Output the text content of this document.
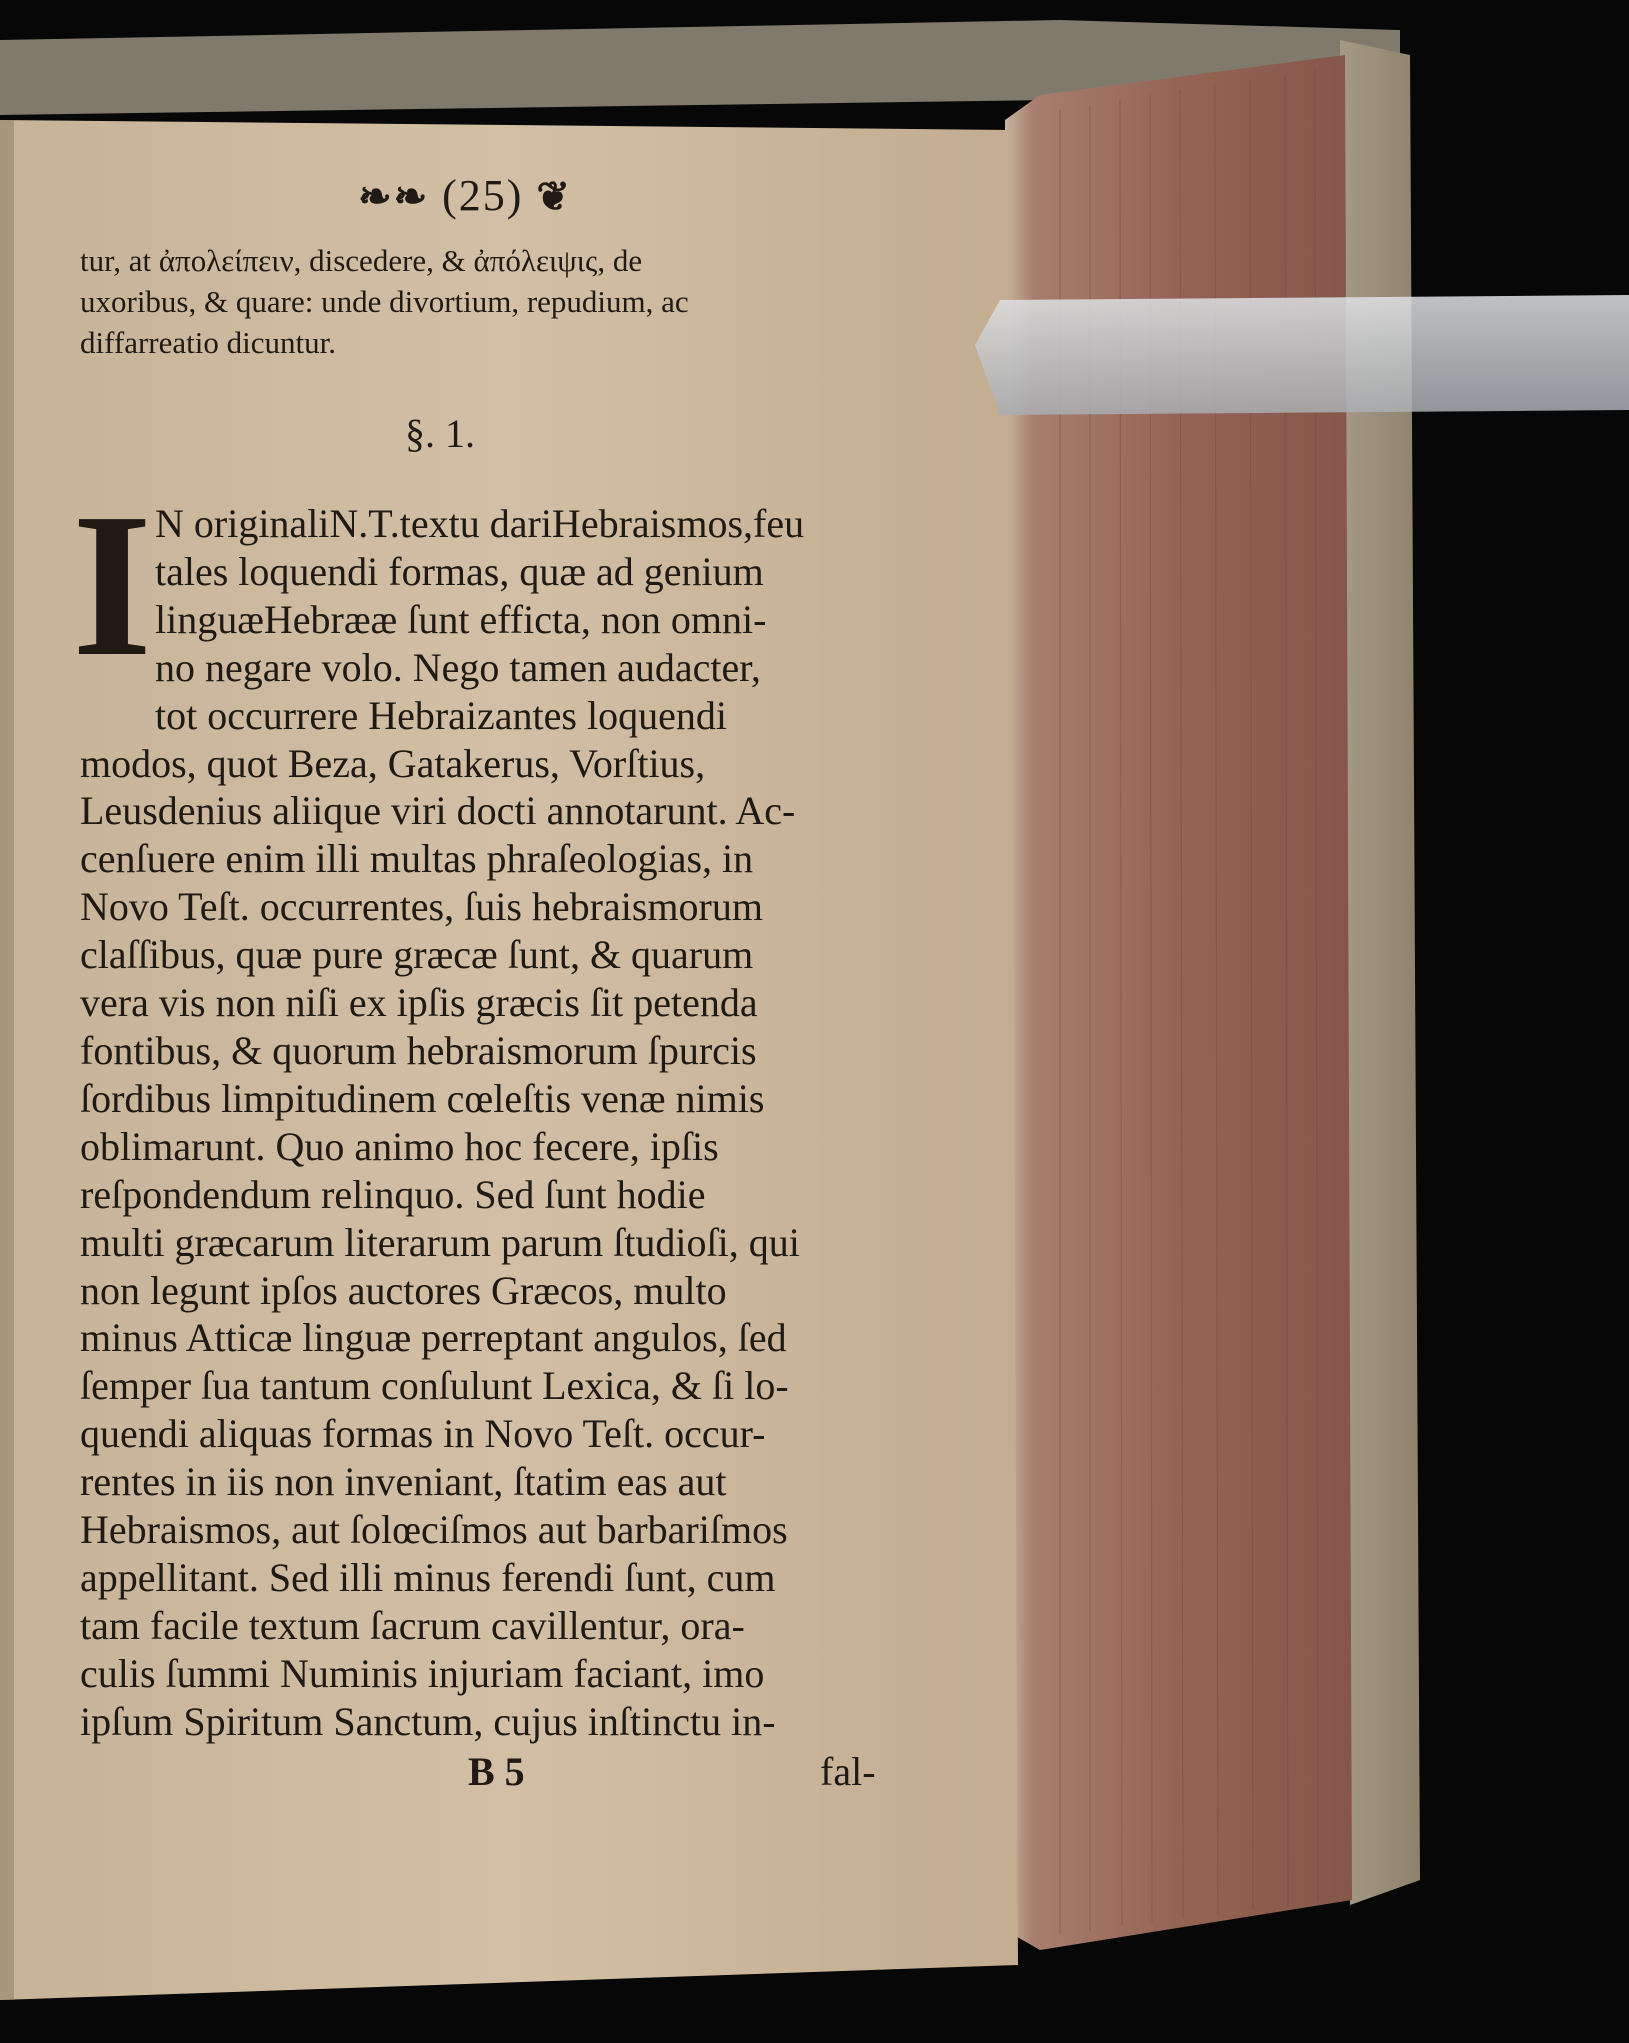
❧❧ (25) ❦
tur, at ἀπολείπειν, discedere, & ἀπόλειψις, de
uxoribus, & quare: unde divortium, repudium, ac
diffarreatio dicuntur.
§. 1.
I N originaliN.T.textu dariHebraismos,feu
tales loquendi formas, quæ ad genium
linguæHebrææ ſunt efficta, non omni-
no negare volo. Nego tamen audacter,
tot occurrere Hebraizantes loquendi
modos, quot Beza, Gatakerus, Vorſtius,
Leusdenius aliique viri docti annotarunt. Ac-
cenſuere enim illi multas phraſeologias, in
Novo Teſt. occurrentes, ſuis hebraismorum
claſſibus, quæ pure græcæ ſunt, & quarum
vera vis non niſi ex ipſis græcis ſit petenda
fontibus, & quorum hebraismorum ſpurcis
ſordibus limpitudinem cœleſtis venæ nimis
oblimarunt. Quo animo hoc fecere, ipſis
reſpondendum relinquo. Sed ſunt hodie
multi græcarum literarum parum ſtudioſi, qui
non legunt ipſos auctores Græcos, multo
minus Atticæ linguæ perreptant angulos, ſed
ſemper ſua tantum conſulunt Lexica, & ſi lo-
quendi aliquas formas in Novo Teſt. occur-
rentes in iis non inveniant, ſtatim eas aut
Hebraismos, aut ſolœciſmos aut barbariſmos
appellitant. Sed illi minus ferendi ſunt, cum
tam facile textum ſacrum cavillentur, ora-
culis ſummi Numinis injuriam faciant, imo
ipſum Spiritum Sanctum, cujus inſtinctu in-
B 5	fal-
